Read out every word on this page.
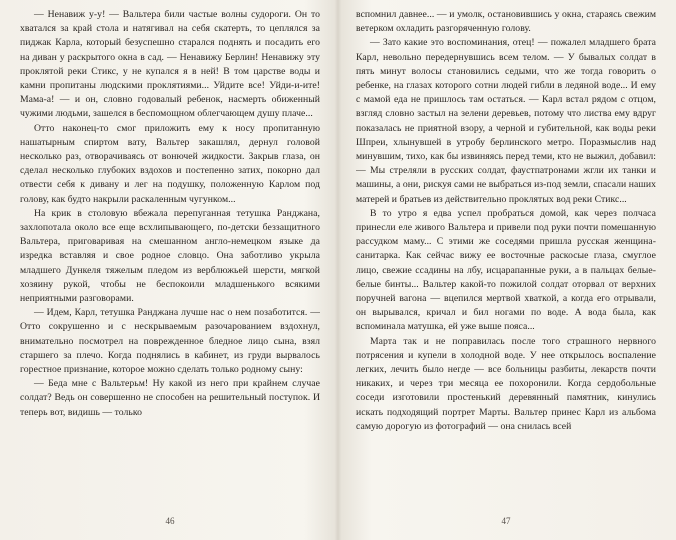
— Ненавиж у-у! — Вальтера били частые волны судороги. Он то хватался за край стола и натягивал на себя скатерть, то цеплялся за пиджак Карла, который безуспешно старался поднять и посадить его на диван у раскрытого окна в сад. — Ненавижу Берлин! Ненавижу эту проклятой реки Стикс, у не купался я в ней! В том царстве воды и камни пропитаны людскими проклятиями... Уйдите все! Уйди-и-ите! Мама-а! — и он, словно годовалый ребенок, насмерть обиженный чужими людьми, зашелся в беспомощном облегчающем душу плаче...

Отто наконец-то смог приложить ему к носу пропитанную нашатырным спиртом вату, Вальтер закашлял, дернул головой несколько раз, отворачиваясь от вонючей жидкости. Закрыв глаза, он сделал несколько глубоких вздохов и постепенно затих, покорно дал отвести себя к дивану и лег на подушку, положенную Карлом под голову, как будто накрыли раскаленным чугунком...

На крик в столовую вбежала перепуганная тетушка Ранджана, захлопотала около все еще всхлипывающего, по-детски беззащитного Вальтера, приговаривая на смешанном англо-немецком языке да изредка вставляя и свое родное словцо. Она заботливо укрыла младшего Дункеля тяжелым пледом из верблюжьей шерсти, мягкой хозяину рукой, чтобы не беспокоили младшенького всякими неприятными разговорами.

— Идем, Карл, тетушка Ранджана лучше нас о нем позаботится. — Отто сокрушенно и с нескрываемым разочарованием вздохнул, внимательно посмотрел на поврежденное бледное лицо сына, взял старшего за плечо. Когда поднялись в кабинет, из груди вырвалось горестное признание, которое можно сделать только родному сыну:

— Беда мне с Вальтерьм! Ну какой из него при крайнем случае солдат? Ведь он совершенно не способен на решительный поступок. И теперь вот, видишь — только

46

вспомнил давнее... — и умолк, остановившись у окна, стараясь свежим ветерком охладить разгоряченную голову.

— Зато какие это воспоминания, отец! — пожалел младшего брата Карл, невольно передернувшись всем телом. — У бывалых солдат в пять минут волосы становились седыми, что же тогда говорить о ребенке, на глазах которого сотни людей гибли в ледяной воде... И ему с мамой еда не пришлось там остаться. — Карл встал рядом с отцом, взгляд словно застыл на зелени деревьев, потому что листва ему вдруг показалась не приятной взору, а черной и губительной, как воды реки Шпреи, хлынувшей в утробу берлинского метро. Поразмыслив над минувшим, тихо, как бы извиняясь перед теми, кто не выжил, добавил: — Мы стреляли в русских солдат, фаустпатронами жгли их танки и машины, а они, рискуя сами не выбраться из-под земли, спасали наших матерей и братьев из действительно проклятых вод реки Стикс...

В то утро я едва успел пробраться домой, как через полчаса принесли еле живого Вальтера и привели под руки почти помешанную рассудком маму... С этими же соседями пришла русская женщина-санитарка. Как сейчас вижу ее восточные раскосые глаза, смуглое лицо, свежие ссадины на лбу, исцарапанные руки, а в пальцах белые-белые бинты... Вальтер какой-то пожилой солдат оторвал от верхних поручней вагона — вцепился мертвой хваткой, а когда его отрывали, он вырывался, кричал и бил ногами по воде. А вода была, как вспоминала матушка, ей уже выше пояса...

Марта так и не поправилась после того страшного нервного потрясения и купели в холодной воде. У нее открылось воспаление легких, лечить было негде — все больницы разбиты, лекарств почти никаких, и через три месяца ее похоронили. Когда сердобольные соседи изготовили простенький деревянный памятник, кинулись искать подходящий портрет Марты. Вальтер принес Карл из альбома самую дорогую из фотографий — она снилась всей

47
